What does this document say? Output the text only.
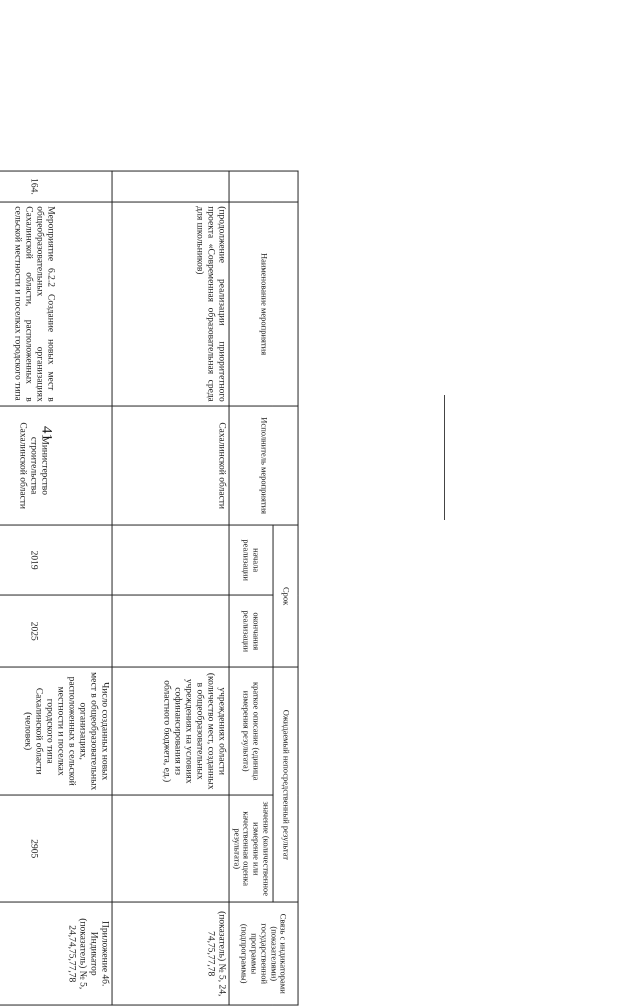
41
	Наименование мероприятия	Исполнитель мероприятия	Срок		Ожидаемый непосредственный результат		Связь с индикаторами (показателями) государственной программы (подпрограммы)
			начала реализации	окончания реализации	краткое описание (единица измерения результата)	значение (количественное измерение или качественная оценка результата)	
	(продолжение реализации приоритетного проекта «Современная образовательная среда для школьников)	Сахалинской области			учреждениях области (количество мест, созданных в общеобразовательных учреждениях на условиях софинансирования из областного бюджета, ед.)		(показатель) № 5, 24, 74,75,77,78
164.	Мероприятие 6.2.2 Создание новых мест в общеобразовательных организациях Сахалинской области, расположенных в сельской местности и поселках городского типа	Министерство строительства Сахалинской области	2019	2025	Число созданных новых мест в общеобразовательных организациях, расположенных в сельской местности и поселках городского типа Сахалинской области (человек)	2905	Приложение 4б. Индикатор (показатель) № 5, 24,74,75,77,78
